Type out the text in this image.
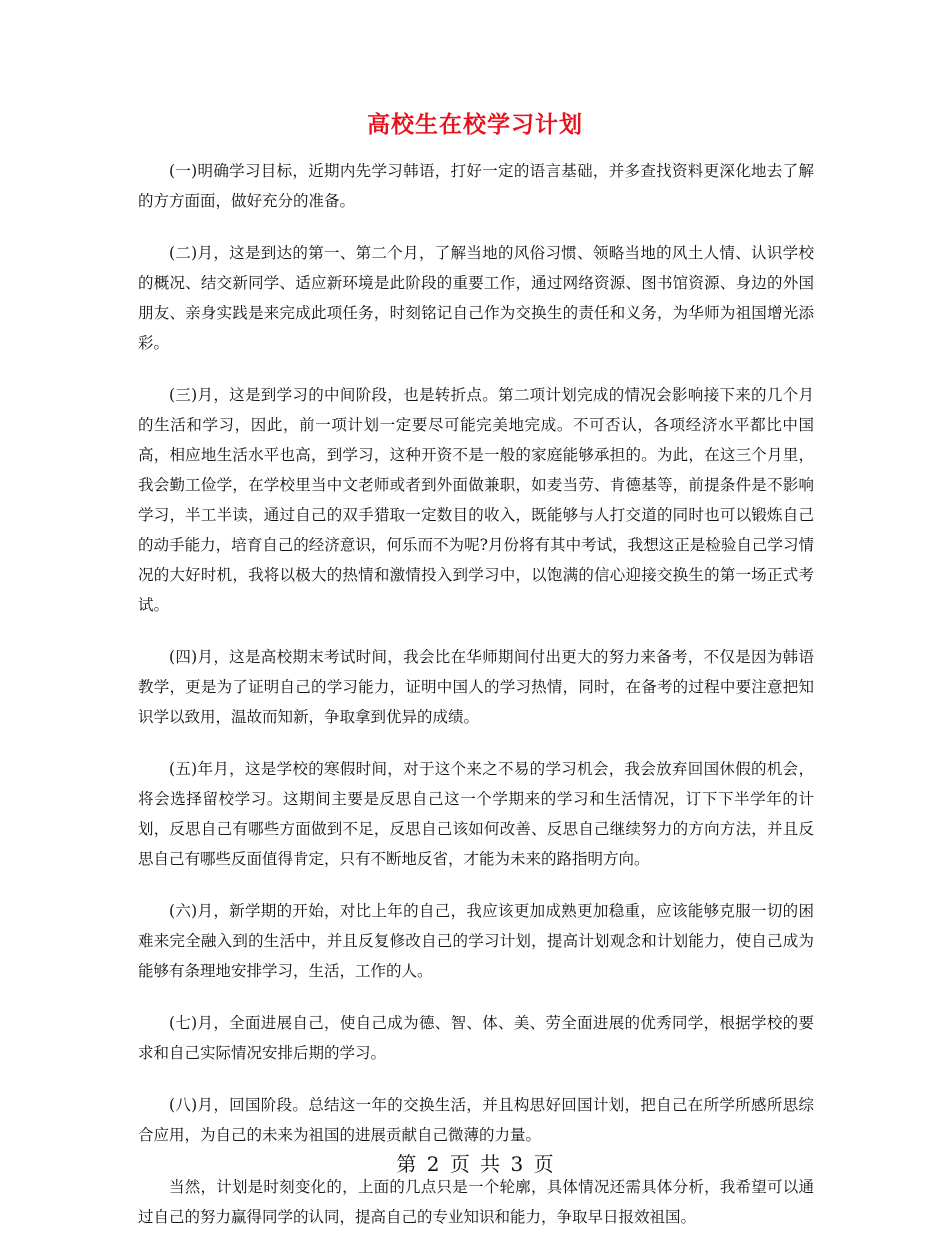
高校生在校学习计划

(一)明确学习目标，近期内先学习韩语，打好一定的语言基础，并多查找资料更深化地去了解的方方面面，做好充分的准备。

(二)月，这是到达的第一、第二个月，了解当地的风俗习惯、领略当地的风土人情、认识学校的概况、结交新同学、适应新环境是此阶段的重要工作，通过网络资源、图书馆资源、身边的外国朋友、亲身实践是来完成此项任务，时刻铭记自己作为交换生的责任和义务，为华师为祖国增光添彩。

(三)月，这是到学习的中间阶段，也是转折点。第二项计划完成的情况会影响接下来的几个月的生活和学习，因此，前一项计划一定要尽可能完美地完成。不可否认，各项经济水平都比中国高，相应地生活水平也高，到学习，这种开资不是一般的家庭能够承担的。为此，在这三个月里，我会勤工俭学，在学校里当中文老师或者到外面做兼职，如麦当劳、肯德基等，前提条件是不影响学习，半工半读，通过自己的双手猎取一定数目的收入，既能够与人打交道的同时也可以锻炼自己的动手能力，培育自己的经济意识，何乐而不为呢?月份将有其中考试，我想这正是检验自己学习情况的大好时机，我将以极大的热情和激情投入到学习中，以饱满的信心迎接交换生的第一场正式考试。

(四)月，这是高校期末考试时间，我会比在华师期间付出更大的努力来备考，不仅是因为韩语教学，更是为了证明自己的学习能力，证明中国人的学习热情，同时，在备考的过程中要注意把知识学以致用，温故而知新，争取拿到优异的成绩。

(五)年月，这是学校的寒假时间，对于这个来之不易的学习机会，我会放弃回国休假的机会，将会选择留校学习。这期间主要是反思自己这一个学期来的学习和生活情况，订下下半学年的计划，反思自己有哪些方面做到不足，反思自己该如何改善、反思自己继续努力的方向方法，并且反思自己有哪些反面值得肯定，只有不断地反省，才能为未来的路指明方向。

(六)月，新学期的开始，对比上年的自己，我应该更加成熟更加稳重，应该能够克服一切的困难来完全融入到的生活中，并且反复修改自己的学习计划，提高计划观念和计划能力，使自己成为能够有条理地安排学习，生活，工作的人。

(七)月，全面进展自己，使自己成为德、智、体、美、劳全面进展的优秀同学，根据学校的要求和自己实际情况安排后期的学习。

(八)月，回国阶段。总结这一年的交换生活，并且构思好回国计划，把自己在所学所感所思综合应用，为自己的未来为祖国的进展贡献自己微薄的力量。

当然，计划是时刻变化的，上面的几点只是一个轮廓，具体情况还需具体分析，我希望可以通过自己的努力赢得同学的认同，提高自己的专业知识和能力，争取早日报效祖国。

第 2 页 共 3 页
